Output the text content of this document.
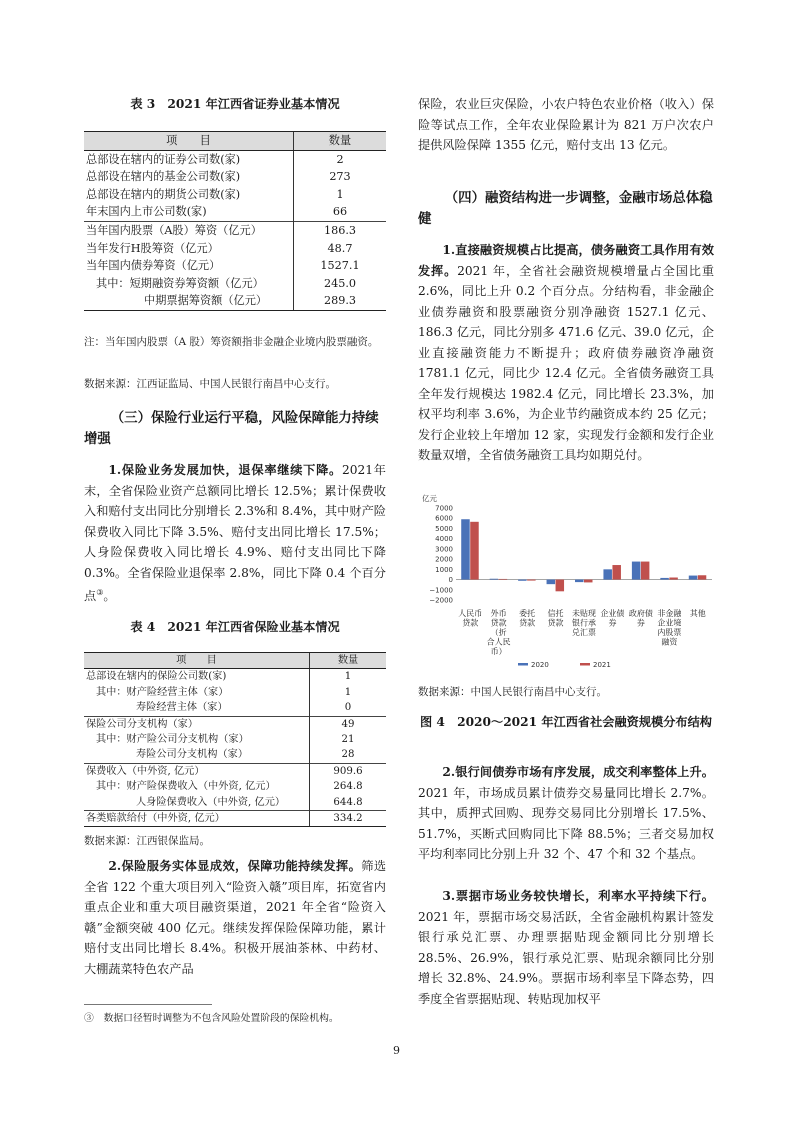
表 3　2021 年江西省证券业基本情况
项　　目	数量
总部设在辖内的证券公司数(家)	2
总部设在辖内的基金公司数(家)	273
总部设在辖内的期货公司数(家)	1
年末国内上市公司数(家)	66
当年国内股票（A股）筹资（亿元）	186.3
当年发行H股筹资（亿元）	48.7
当年国内债券筹资（亿元）	1527.1
其中：短期融资券筹资额（亿元）	245.0
中期票据筹资额（亿元）	289.3
注：当年国内股票（A 股）筹资额指非金融企业境内股票融资。
数据来源：江西证监局、中国人民银行南昌中心支行。
（三）保险行业运行平稳，风险保障能力持续增强

1.保险业务发展加快，退保率继续下降。2021年末，全省保险业资产总额同比增长 12.5%；累计保费收入和赔付支出同比分别增长 2.3%和 8.4%，其中财产险保费收入同比下降 3.5%、赔付支出同比增长 17.5%；人身险保费收入同比增长 4.9%、赔付支出同比下降 0.3%。全省保险业退保率 2.8%，同比下降 0.4 个百分点③。

表 4　2021 年江西省保险业基本情况
项　　目	数量
总部设在辖内的保险公司数(家)	1
其中：财产险经营主体（家）	1
寿险经营主体（家）	0
保险公司分支机构（家）	49
其中：财产险公司分支机构（家）	21
寿险公司分支机构（家）	28
保费收入（中外资, 亿元）	909.6
其中：财产险保费收入（中外资, 亿元）	264.8
人身险保费收入（中外资, 亿元）	644.8
各类赔款给付（中外资, 亿元）	334.2
数据来源：江西银保监局。

2.保险服务实体显成效，保障功能持续发挥。筛选全省 122 个重大项目列入“险资入赣”项目库，拓宽省内重点企业和重大项目融资渠道，2021 年全省“险资入赣”金额突破 400 亿元。继续发挥保险保障功能，累计赔付支出同比增长 8.4%。积极开展油茶林、中药材、大棚蔬菜特色农产品

③　数据口径暂时调整为不包含风险处置阶段的保险机构。

保险，农业巨灾保险，小农户特色农业价格（收入）保险等试点工作，全年农业保险累计为 821 万户次农户提供风险保障 1355 亿元，赔付支出 13 亿元。

（四）融资结构进一步调整，金融市场总体稳健

1.直接融资规模占比提高，债务融资工具作用有效发挥。2021 年，全省社会融资规模增量占全国比重 2.6%，同比上升 0.2 个百分点。分结构看，非金融企业债券融资和股票融资分别净融资 1527.1 亿元、186.3 亿元，同比分别多 471.6 亿元、39.0 亿元，企业直接融资能力不断提升；政府债券融资净融资 1781.1 亿元，同比少 12.4 亿元。全省债务融资工具全年发行规模达 1982.4 亿元，同比增长 23.3%，加权平均利率 3.6%，为企业节约融资成本约 25 亿元；发行企业较上年增加 12 家，实现发行金额和发行企业数量双增，全省债务融资工具均如期兑付。

亿元
7000
6000
5000
4000
3000
2000
1000
0
−1000
−2000
人民币
贷款
外币
贷款
（折
合人民
币）
委托
贷款
信托
贷款
未贴现
银行承
兑汇票
企业债
券
政府债
券
非金融
企业境
内股票
融资
其他
2020	2021
数据来源：中国人民银行南昌中心支行。
图 4　2020～2021 年江西省社会融资规模分布结构

2.银行间债券市场有序发展，成交利率整体上升。2021 年，市场成员累计债券交易量同比增长 2.7%。其中，质押式回购、现券交易同比分别增长 17.5%、51.7%，买断式回购同比下降 88.5%；三者交易加权平均利率同比分别上升 32 个、47 个和 32 个基点。

3.票据市场业务较快增长，利率水平持续下行。2021 年，票据市场交易活跃，全省金融机构累计签发银行承兑汇票、办理票据贴现金额同比分别增长 28.5%、26.9%，银行承兑汇票、贴现余额同比分别增长 32.8%、24.9%。票据市场利率呈下降态势，四季度全省票据贴现、转贴现加权平

9
